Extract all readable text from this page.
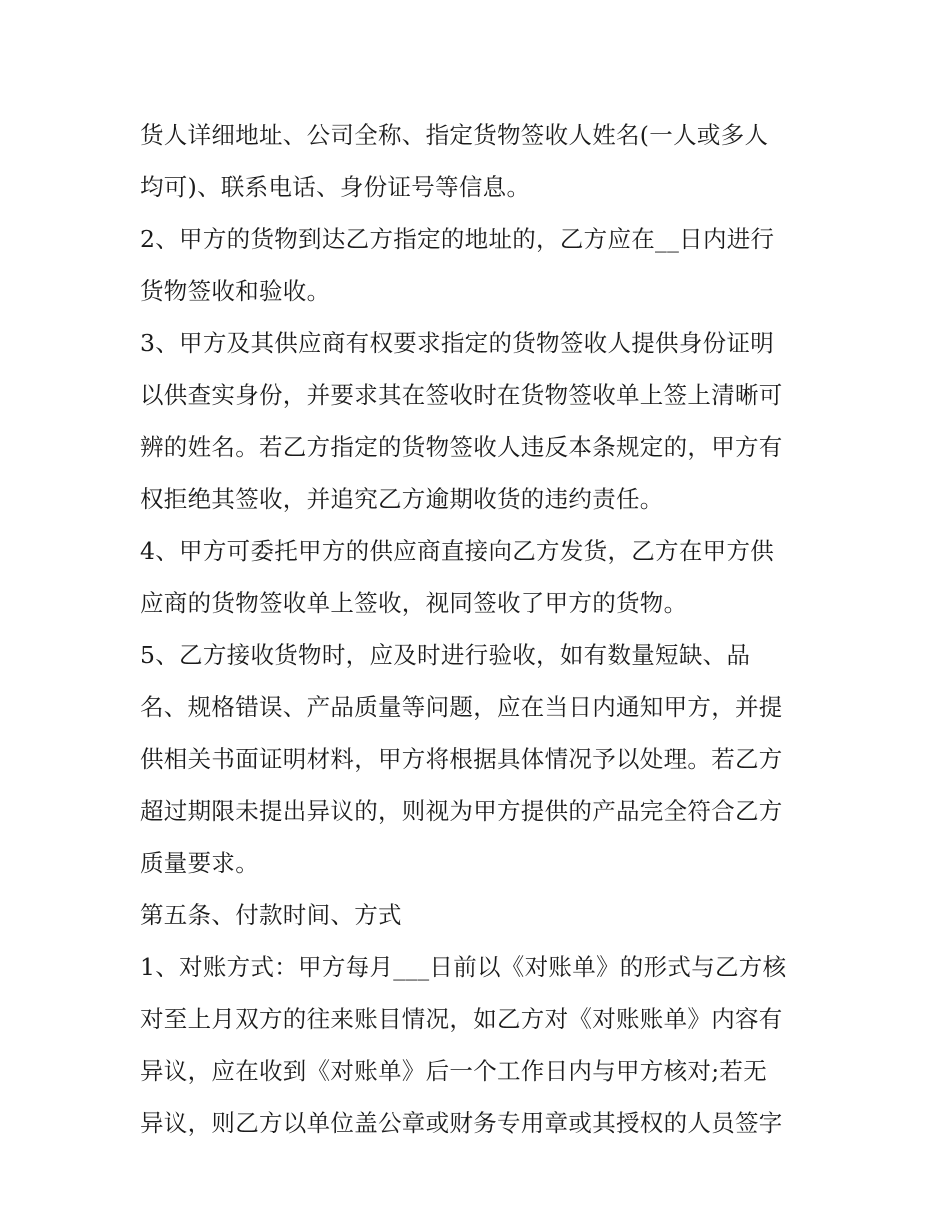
货人详细地址、公司全称、指定货物签收人姓名(一人或多人
均可)、联系电话、身份证号等信息。
2、甲方的货物到达乙方指定的地址的，乙方应在__日内进行
货物签收和验收。
3、甲方及其供应商有权要求指定的货物签收人提供身份证明
以供查实身份，并要求其在签收时在货物签收单上签上清晰可
辨的姓名。若乙方指定的货物签收人违反本条规定的，甲方有
权拒绝其签收，并追究乙方逾期收货的违约责任。
4、甲方可委托甲方的供应商直接向乙方发货，乙方在甲方供
应商的货物签收单上签收，视同签收了甲方的货物。
5、乙方接收货物时，应及时进行验收，如有数量短缺、品
名、规格错误、产品质量等问题，应在当日内通知甲方，并提
供相关书面证明材料，甲方将根据具体情况予以处理。若乙方
超过期限未提出异议的，则视为甲方提供的产品完全符合乙方
质量要求。
第五条、付款时间、方式
1、对账方式：甲方每月___日前以《对账单》的形式与乙方核
对至上月双方的往来账目情况，如乙方对《对账账单》内容有
异议，应在收到《对账单》后一个工作日内与甲方核对;若无
异议，则乙方以单位盖公章或财务专用章或其授权的人员签字
